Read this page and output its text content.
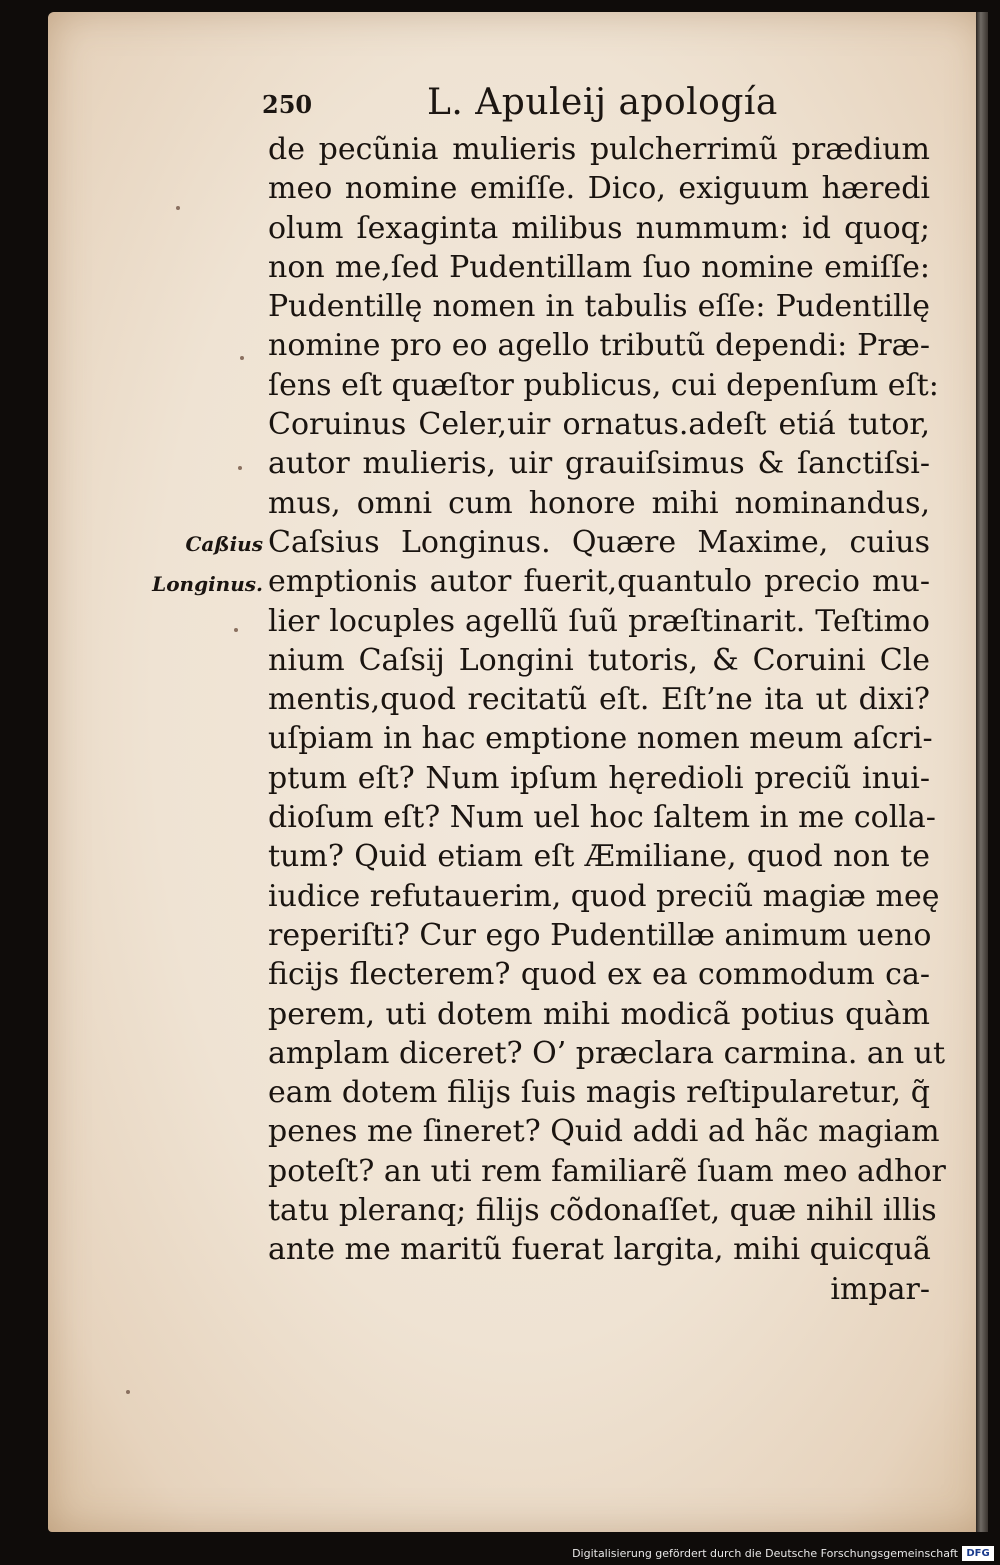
250	L. Apuleij apología
Caßius
Longinus.
de pecũnia mulieris pulcherrimũ prædium
meo nomine emiſſe. Dico, exiguum hæredi
olum ſexaginta milibus nummum: id quoq;
non me,ſed Pudentillam ſuo nomine emiſſe:
Pudentillę nomen in tabulis eſſe: Pudentillę
nomine pro eo agello tributũ dependi: Præ-
ſens eſt quæſtor publicus, cui depenſum eſt:
Coruinus Celer,uir ornatus.adeſt etiá tutor,
autor mulieris, uir grauiſsimus & ſanctiſsi-
mus, omni cum honore mihi nominandus,
Caſsius Longinus. Quære Maxime, cuius
emptionis autor fuerit,quantulo precio mu-
lier locuples agellũ ſuũ præſtinarit. Teſtimo
nium Caſsij Longini tutoris, & Coruini Cle
mentis,quod recitatũ eſt. Eſt’ne ita ut dixi?
uſpiam in hac emptione nomen meum aſcri-
ptum eſt? Num ipſum hęredioli preciũ inui-
dioſum eſt? Num uel hoc ſaltem in me colla-
tum? Quid etiam eſt Æmiliane, quod non te
iudice refutauerim, quod preciũ magiæ meę
reperiſti? Cur ego Pudentillæ animum ueno
ficijs flecterem? quod ex ea commodum ca-
perem, uti dotem mihi modicã potius quàm
amplam diceret? O’ præclara carmina. an ut
eam dotem filijs ſuis magis reſtipularetur, q̃
penes me ſineret? Quid addi ad hãc magiam
poteſt? an uti rem familiarẽ ſuam meo adhor
tatu pleranq; filijs cõdonaſſet, quæ nihil illis
ante me maritũ fuerat largita, mihi quicquã
impar-
Digitalisierung gefördert durch die Deutsche Forschungsgemeinschaft DFG
